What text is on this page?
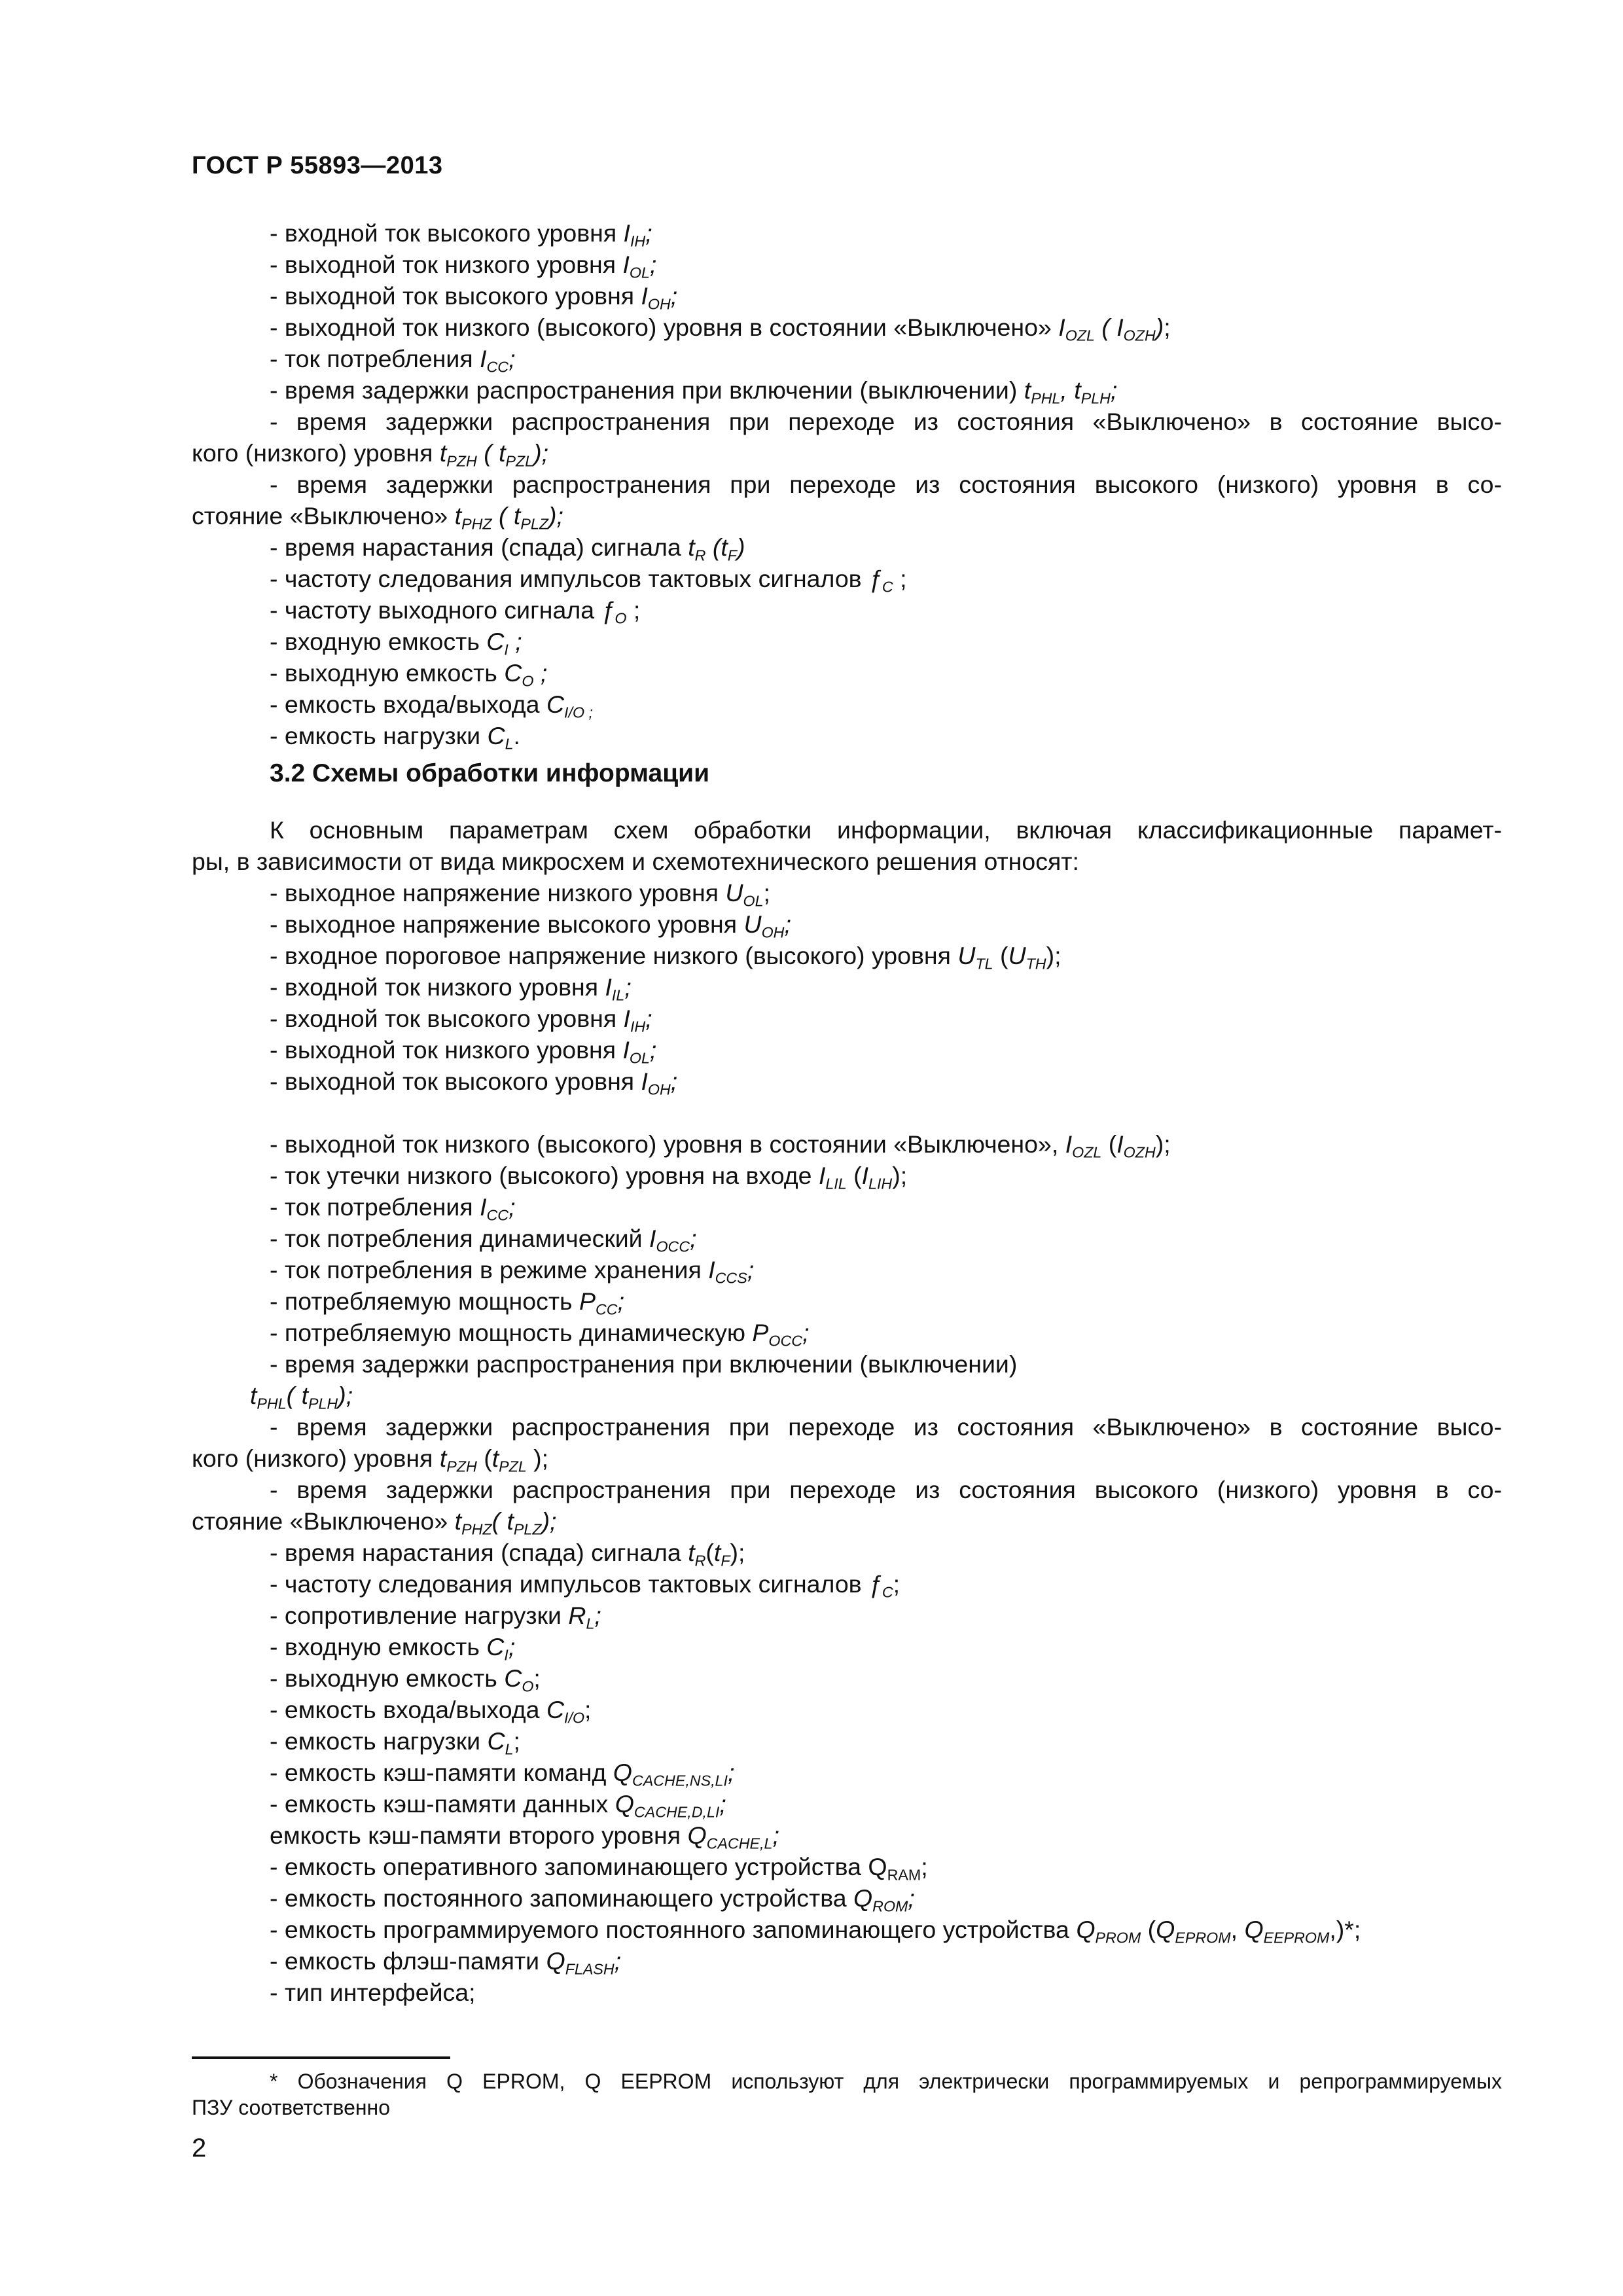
ГОСТ Р 55893—2013
- входной ток высокого уровня $I_{IH}$;
- выходной ток низкого уровня $I_{OL}$;
- выходной ток высокого уровня $I_{OH}$;
- выходной ток низкого (высокого) уровня в состоянии «Выключено» $I_{OZL}$ ( $I_{OZH}$);
- ток потребления $I_{CC}$;
- время задержки распространения при включении (выключении) $t_{PHL}$, $t_{PLH}$;
- время задержки распространения при переходе из состояния «Выключено» в состояние высо-
кого (низкого) уровня $t_{PZH}$ ( $t_{PZL}$);
- время задержки распространения при переходе из состояния высокого (низкого) уровня в со-
стояние «Выключено» $t_{PHZ}$ ( $t_{PLZ}$);
- время нарастания (спада) сигнала $t_R$ $(t_F)$
- частоту следования импульсов тактовых сигналов $ƒ_C$ ;
- частоту выходного сигнала $ƒ_O$ ;
- входную емкость $C_I$ ;
- выходную емкость $C_O$ ;
- емкость входа/выхода $C_{I/O ;}$
- емкость нагрузки $C_L$.
3.2 Схемы обработки информации
К основным параметрам схем обработки информации, включая классификационные парамет-
ры, в зависимости от вида микросхем и схемотехнического решения относят:
- выходное напряжение низкого уровня $U_{OL}$;
- выходное напряжение высокого уровня $U_{OH}$;
- входное пороговое напряжение низкого (высокого) уровня $U_{TL}$ $(U_{TH})$;
- входной ток низкого уровня $I_{IL}$;
- входной ток высокого уровня $I_{IH}$;
- выходной ток низкого уровня $I_{OL}$;
- выходной ток высокого уровня $I_{OH}$;
- выходной ток низкого (высокого) уровня в состоянии «Выключено», $I_{OZL}$ $(I_{OZH})$;
- ток утечки низкого (высокого) уровня на входе $I_{LIL}$ $(I_{LIH})$;
- ток потребления $I_{CC}$;
- ток потребления динамический $I_{OCC}$;
- ток потребления в режиме хранения $I_{CCS}$;
- потребляемую мощность $P_{CC}$;
- потребляемую мощность динамическую $P_{OCC}$;
- время задержки распространения при включении (выключении)
$t_{PHL}$( $t_{PLH}$);
- время задержки распространения при переходе из состояния «Выключено» в состояние высо-
кого (низкого) уровня $t_{PZH}$ ($t_{PZL}$ );
- время задержки распространения при переходе из состояния высокого (низкого) уровня в со-
стояние «Выключено» $t_{PHZ}$( $t_{PLZ}$);
- время нарастания (спада) сигнала $t_R(t_F)$;
- частоту следования импульсов тактовых сигналов $ƒ_C$;
- сопротивление нагрузки $R_L$;
- входную емкость $C_I$;
- выходную емкость $C_O$;
- емкость входа/выхода $C_{I/O}$;
- емкость нагрузки $C_L$;
- емкость кэш-памяти команд $Q_{CACHE,NS,LI}$;
- емкость кэш-памяти данных $Q_{CACHE,D,LI}$;
емкость кэш-памяти второго уровня $Q_{CACHE,L}$;
- емкость оперативного запоминающего устройства $Q_{RAM}$;
- емкость постоянного запоминающего устройства $Q_{ROM}$;
- емкость программируемого постоянного запоминающего устройства $Q_{PROM}$ ($Q_{EPROM}$, $Q_{EEPROM},)*$;
- емкость флэш-памяти $Q_{FLASH}$;
- тип интерфейса;
* Обозначения Q EPROM, Q EEPROM используют для электрически программируемых и репрограммируемых
ПЗУ соответственно
2
